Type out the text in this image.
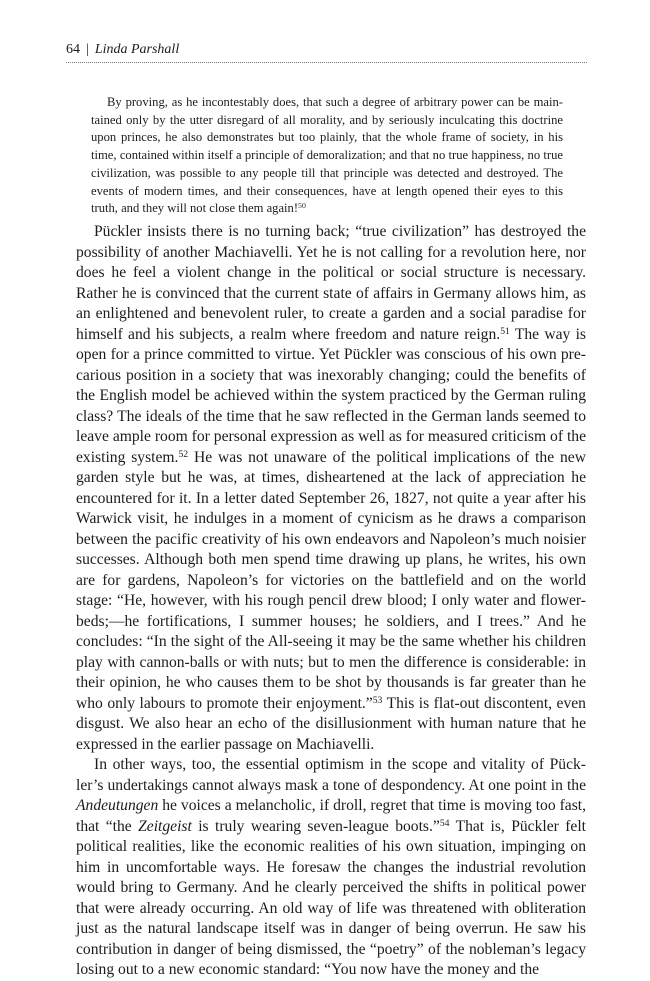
64 | Linda Parshall
By proving, as he incontestably does, that such a degree of arbitrary power can be maintained only by the utter disregard of all morality, and by seriously inculcating this doctrine upon princes, he also demonstrates but too plainly, that the whole frame of society, in his time, contained within itself a principle of demoralization; and that no true happiness, no true civilization, was possible to any people till that principle was detected and destroyed. The events of modern times, and their consequences, have at length opened their eyes to this truth, and they will not close them again!$^{50}$

Pückler insists there is no turning back; “true civilization” has destroyed the possibility of another Machiavelli. Yet he is not calling for a revolution here, nor does he feel a violent change in the political or social structure is necessary. Rather he is convinced that the current state of affairs in Germany allows him, as an enlightened and benevolent ruler, to create a garden and a social paradise for himself and his subjects, a realm where freedom and nature reign.$^{51}$ The way is open for a prince committed to virtue. Yet Pückler was conscious of his own precarious position in a society that was inexorably changing; could the benefits of the English model be achieved within the system practiced by the German ruling class? The ideals of the time that he saw reflected in the German lands seemed to leave ample room for personal expression as well as for measured criticism of the existing system.$^{52}$ He was not unaware of the political implications of the new garden style but he was, at times, disheartened at the lack of appreciation he encountered for it. In a letter dated September 26, 1827, not quite a year after his Warwick visit, he indulges in a moment of cynicism as he draws a comparison between the pacific creativity of his own endeavors and Napoleon’s much noisier successes. Although both men spend time drawing up plans, he writes, his own are for gardens, Napoleon’s for victories on the battlefield and on the world stage: “He, however, with his rough pencil drew blood; I only water and flower-beds;—he fortifications, I summer houses; he soldiers, and I trees.” And he concludes: “In the sight of the All-seeing it may be the same whether his children play with cannon-balls or with nuts; but to men the difference is considerable: in their opinion, he who causes them to be shot by thousands is far greater than he who only labours to promote their enjoyment.”$^{53}$ This is flat-out discontent, even disgust. We also hear an echo of the disillusionment with human nature that he expressed in the earlier passage on Machiavelli.

In other ways, too, the essential optimism in the scope and vitality of Pückler’s undertakings cannot always mask a tone of despondency. At one point in the Andeutungen he voices a melancholic, if droll, regret that time is moving too fast, that “the Zeitgeist is truly wearing seven-league boots.”$^{54}$ That is, Pückler felt political realities, like the economic realities of his own situation, impinging on him in uncomfortable ways. He foresaw the changes the industrial revolution would bring to Germany. And he clearly perceived the shifts in political power that were already occurring. An old way of life was threatened with obliteration just as the natural landscape itself was in danger of being overrun. He saw his contribution in danger of being dismissed, the “poetry” of the nobleman’s legacy losing out to a new economic standard: “You now have the money and the
